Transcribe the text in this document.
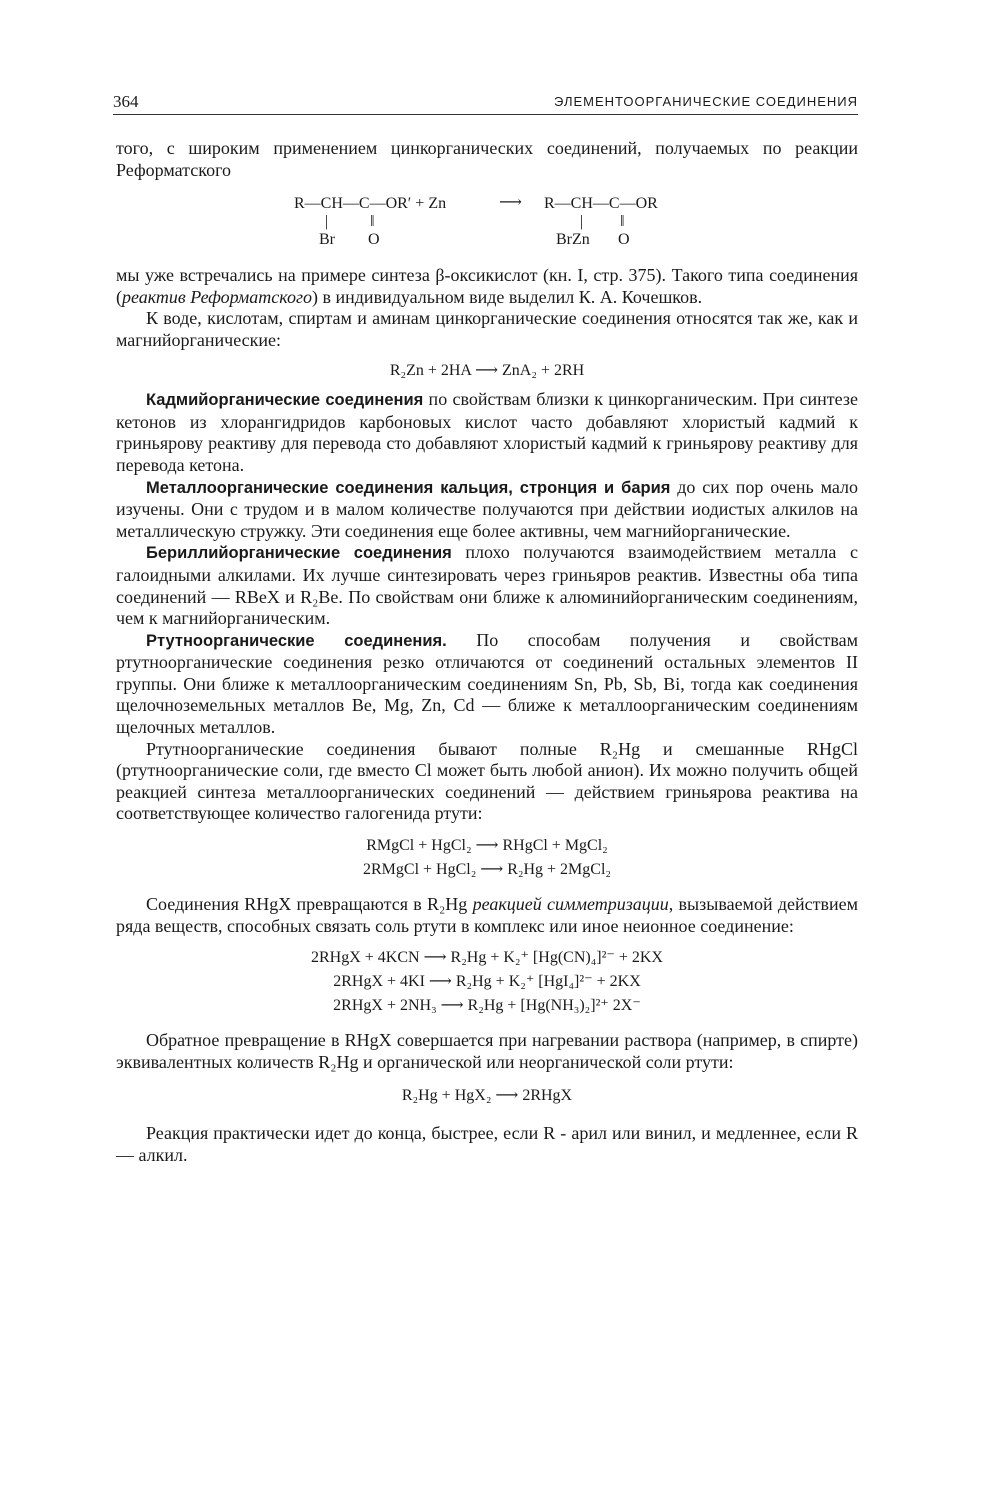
364	ЭЛЕМЕНТООРГАНИЧЕСКИЕ СОЕДИНЕНИЯ

того, с широким применением цинкорганических соединений, получаемых по реакции Реформатского

R—CH—C—OR′ + Zn	⟶ R—CH—C—OR
|	‖	| ‖
Br O	BrZn O

мы уже встречались на примере синтеза β-оксикислот (кн. I, стр. 375). Такого типа соединения (реактив Реформатского) в индивидуальном виде выделил К. А. Кочешков.

К воде, кислотам, спиртам и аминам цинкорганические соединения относятся так же, как и магнийорганические:

R₂Zn + 2HA ⟶ ZnA₂ + 2RH

Кадмийорганические соединения по свойствам близки к цинкорганическим. При синтезе кетонов из хлорангидридов карбоновых кислот часто добавляют хлористый кадмий к гриньярову реактиву для перевода сто добавляют хлористый кадмий к гриньярову реактиву для перевода кетона.

Металлоорганические соединения кальция, стронция и бария до сих пор очень мало изучены. Они с трудом и в малом количестве получаются при действии иодистых алкилов на металлическую стружку. Эти соединения еще более активны, чем магнийорганические.

Бериллийорганические соединения плохо получаются взаимодействием металла с галоидными алкилами. Их лучше синтезировать через гриньяров реактив. Известны оба типа соединений — RBeX и R₂Be. По свойствам они ближе к алюминийорганическим соединениям, чем к магнийорганическим.

Ртутноорганические соединения. По способам получения и свойствам ртутноорганические соединения резко отличаются от соединений остальных элементов II группы. Они ближе к металлоорганическим соединениям Sn, Pb, Sb, Bi, тогда как соединения щелочноземельных металлов Be, Mg, Zn, Cd — ближе к металлоорганическим соединениям щелочных металлов.

Ртутноорганические соединения бывают полные R₂Hg и смешанные RHgCl (ртутноорганические соли, где вместо Cl может быть любой анион). Их можно получить общей реакцией синтеза металлоорганических соединений — действием гриньярова реактива на соответствующее количество галогенида ртути:

RMgCl + HgCl₂ ⟶ RHgCl + MgCl₂
2RMgCl + HgCl₂ ⟶ R₂Hg + 2MgCl₂

Соединения RHgX превращаются в R₂Hg реакцией симметризации, вызываемой действием ряда веществ, способных связать соль ртути в комплекс или иное неионное соединение:

2RHgX + 4KCN ⟶ R₂Hg + K₂⁺ [Hg(CN)₄]²⁻ + 2KX
2RHgX + 4KI ⟶ R₂Hg + K₂⁺ [HgI₄]²⁻ + 2KX
2RHgX + 2NH₃ ⟶ R₂Hg + [Hg(NH₃)₂]²⁺ 2X⁻

Обратное превращение в RHgX совершается при нагревании раствора (например, в спирте) эквивалентных количеств R₂Hg и органической или неорганической соли ртути:

R₂Hg + HgX₂ ⟶ 2RHgX

Реакция практически идет до конца, быстрее, если R - арил или винил, и медленнее, если R — алкил.
